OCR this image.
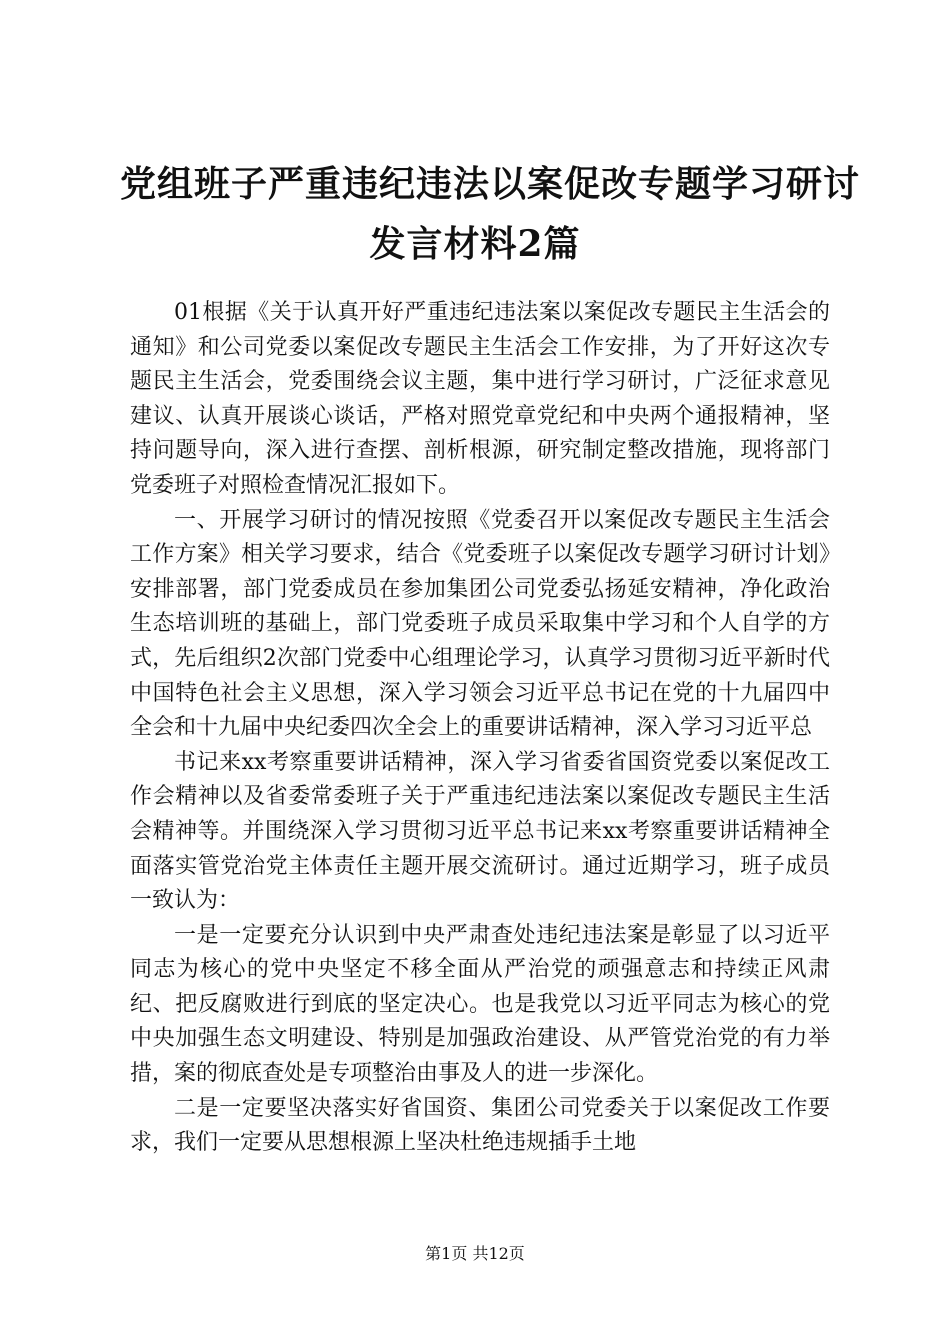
党组班子严重违纪违法以案促改专题学习研讨
发言材料2篇

01根据《关于认真开好严重违纪违法案以案促改专题民主生活会的通知》和公司党委以案促改专题民主生活会工作安排，为了开好这次专题民主生活会，党委围绕会议主题，集中进行学习研讨，广泛征求意见建议、认真开展谈心谈话，严格对照党章党纪和中央两个通报精神，坚持问题导向，深入进行查摆、剖析根源，研究制定整改措施，现将部门党委班子对照检查情况汇报如下。

一、开展学习研讨的情况按照《党委召开以案促改专题民主生活会工作方案》相关学习要求，结合《党委班子以案促改专题学习研讨计划》安排部署，部门党委成员在参加集团公司党委弘扬延安精神，净化政治生态培训班的基础上，部门党委班子成员采取集中学习和个人自学的方式，先后组织2次部门党委中心组理论学习，认真学习贯彻习近平新时代中国特色社会主义思想，深入学习领会习近平总书记在党的十九届四中全会和十九届中央纪委四次全会上的重要讲话精神，深入学习习近平总

书记来xx考察重要讲话精神，深入学习省委省国资党委以案促改工作会精神以及省委常委班子关于严重违纪违法案以案促改专题民主生活会精神等。并围绕深入学习贯彻习近平总书记来xx考察重要讲话精神全面落实管党治党主体责任主题开展交流研讨。通过近期学习，班子成员一致认为：

一是一定要充分认识到中央严肃查处违纪违法案是彰显了以习近平同志为核心的党中央坚定不移全面从严治党的顽强意志和持续正风肃纪、把反腐败进行到底的坚定决心。也是我党以习近平同志为核心的党中央加强生态文明建设、特别是加强政治建设、从严管党治党的有力举措，案的彻底查处是专项整治由事及人的进一步深化。

二是一定要坚决落实好省国资、集团公司党委关于以案促改工作要求，我们一定要从思想根源上坚决杜绝违规插手土地

第1页 共12页
